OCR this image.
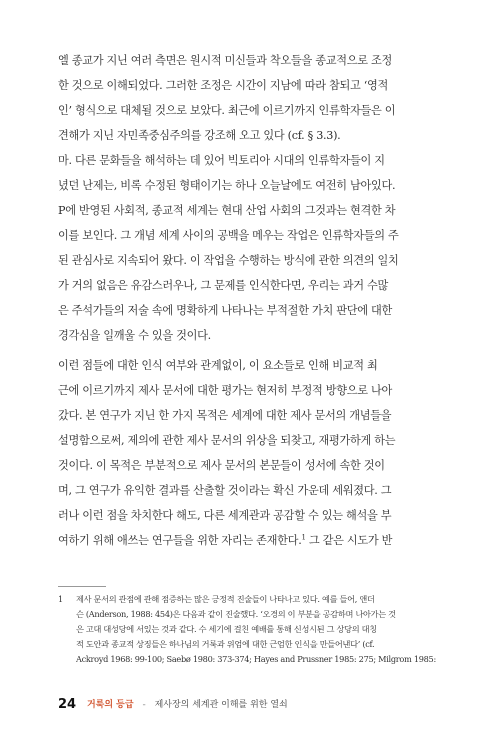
엘 종교가 지닌 여러 측면은 원시적 미신들과 착오들을 종교적으로 조정
한 것으로 이해되었다. 그러한 조정은 시간이 지남에 따라 참되고 ‘영적
인’ 형식으로 대체될 것으로 보았다. 최근에 이르기까지 인류학자들은 이
견해가 지닌 자민족중심주의를 강조해 오고 있다 (cf. § 3.3).
마. 다른 문화들을 해석하는 데 있어 빅토리아 시대의 인류학자들이 지
녔던 난제는, 비록 수정된 형태이기는 하나 오늘날에도 여전히 남아있다.
P에 반영된 사회적, 종교적 세계는 현대 산업 사회의 그것과는 현격한 차
이를 보인다. 그 개념 세계 사이의 공백을 메우는 작업은 인류학자들의 주
된 관심사로 지속되어 왔다. 이 작업을 수행하는 방식에 관한 의견의 일치
가 거의 없음은 유감스러우나, 그 문제를 인식한다면, 우리는 과거 수많
은 주석가들의 저술 속에 명확하게 나타나는 부적절한 가치 판단에 대한
경각심을 일깨울 수 있을 것이다.
이런 점들에 대한 인식 여부와 관계없이, 이 요소들로 인해 비교적 최
근에 이르기까지 제사 문서에 대한 평가는 현저히 부정적 방향으로 나아
갔다. 본 연구가 지닌 한 가지 목적은 세계에 대한 제사 문서의 개념들을
설명함으로써, 제의에 관한 제사 문서의 위상을 되찾고, 재평가하게 하는
것이다. 이 목적은 부분적으로 제사 문서의 본문들이 성서에 속한 것이
며, 그 연구가 유익한 결과를 산출할 것이라는 확신 가운데 세워졌다. 그
러나 이런 점을 차치한다 해도, 다른 세계관과 공감할 수 있는 해석을 부
여하기 위해 애쓰는 연구들을 위한 자리는 존재한다.$^1$ 그 같은 시도가 반
1	제사 문서의 관점에 관해 점증하는 많은 긍정적 진술들이 나타나고 있다. 예를 들어, 앤더
슨 (Anderson, 1988: 454)은 다음과 같이 진술했다. ‘오경의 이 부분을 공감하며 나아가는 것
은 고대 대성당에 서있는 것과 같다. 수 세기에 걸친 예배를 통해 신성시된 그 상당의 대칭
적 도안과 종교적 상징들은 하나님의 거룩과 위엄에 대한 근엄한 인식을 만들어낸다’ (cf.
Ackroyd 1968: 99-100; Saebø 1980: 373-374; Hayes and Prussner 1985: 275; Milgrom 1985:
24 거룩의 등급 - 제사장의 세계관 이해를 위한 열쇠
